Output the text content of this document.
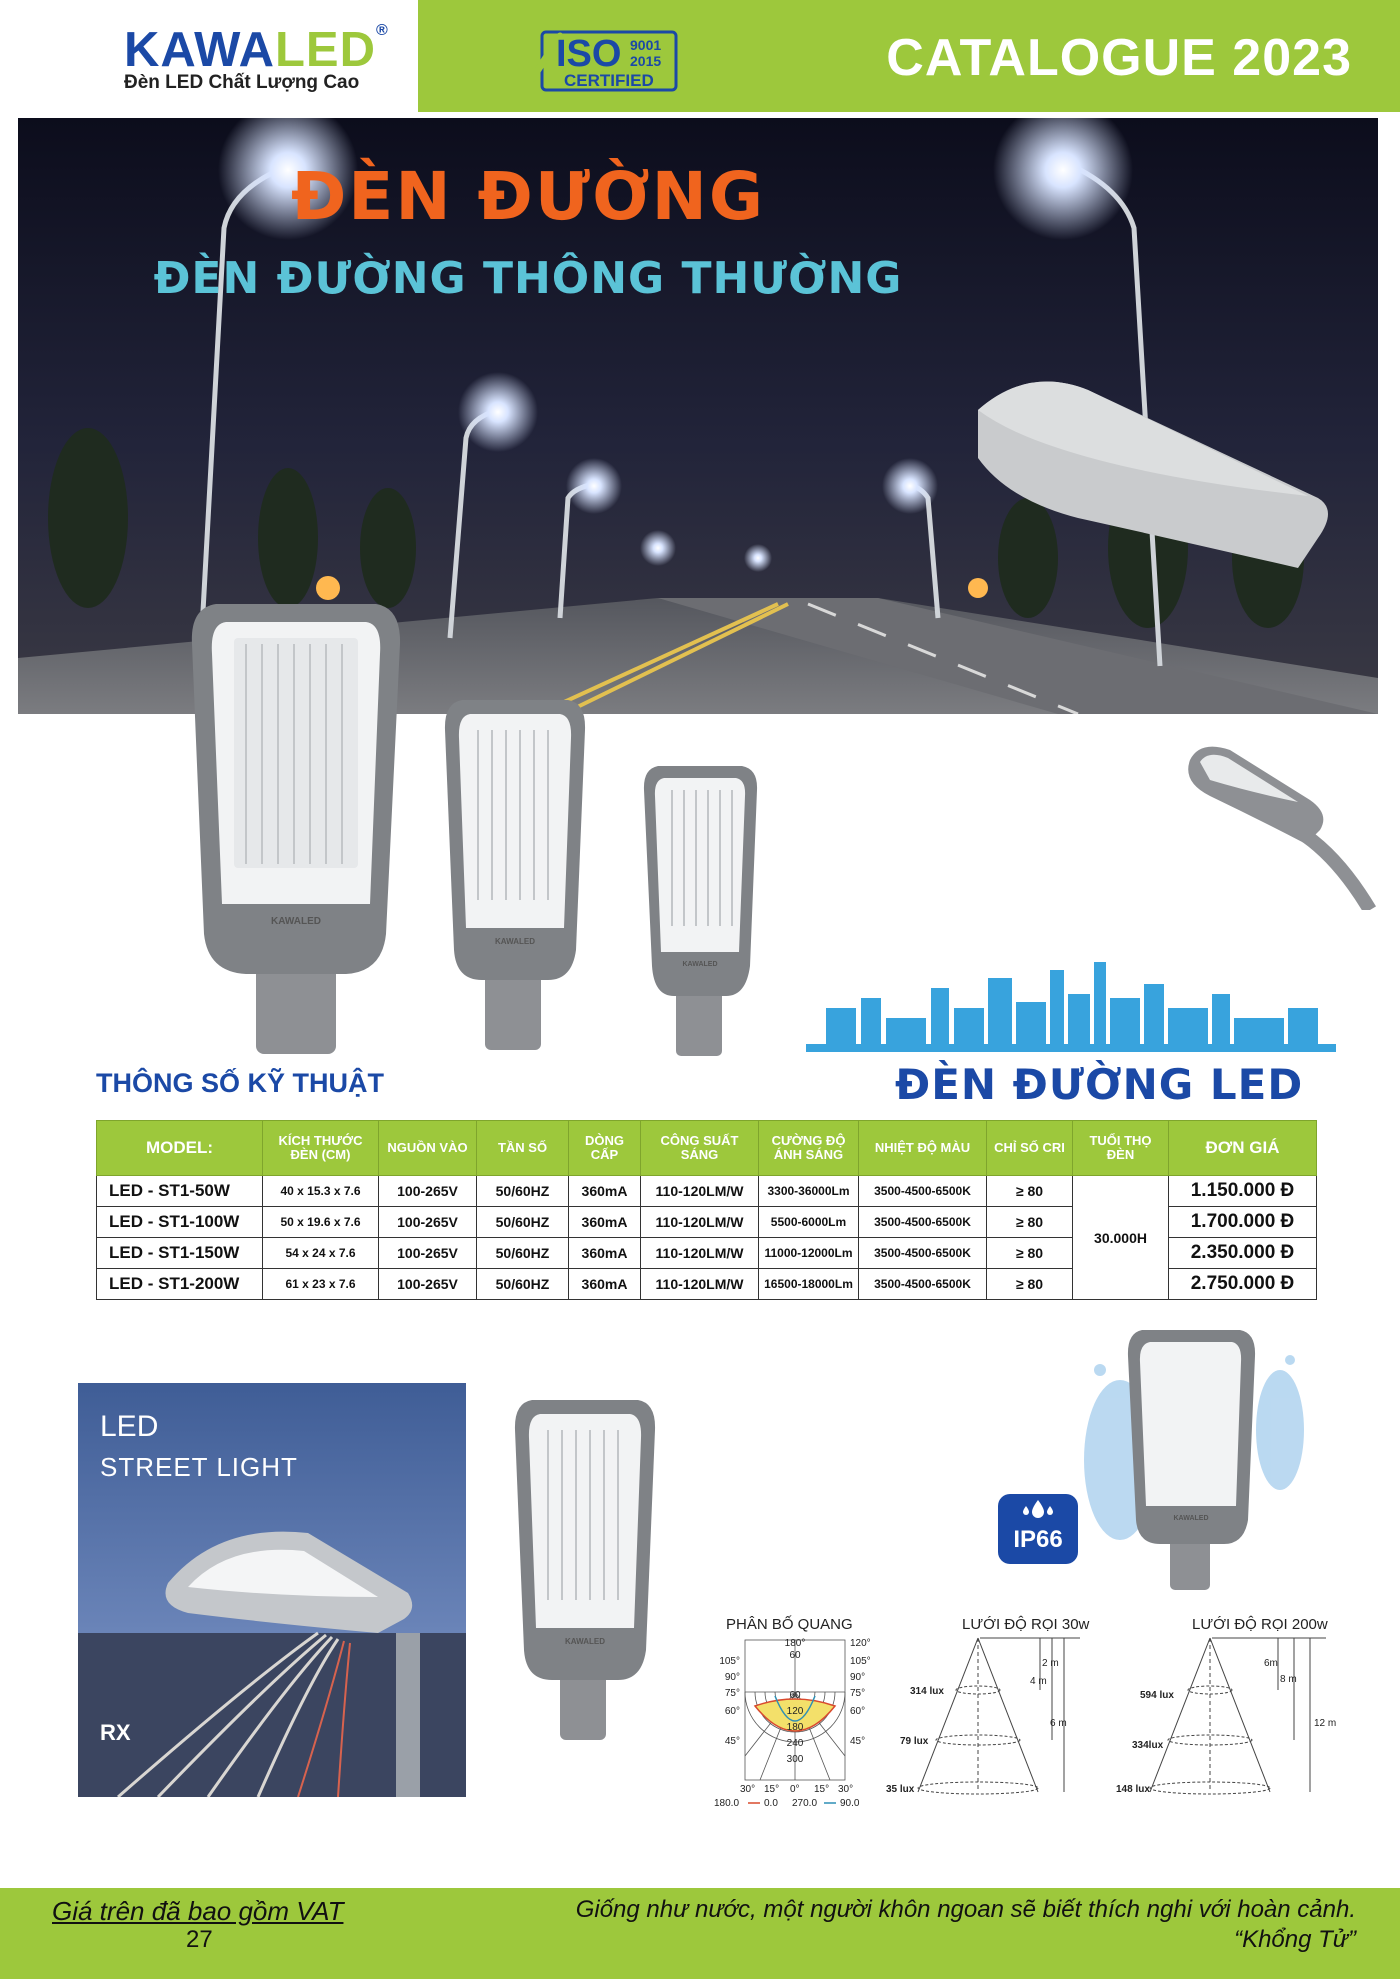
KAWALED®
Đèn LED Chất Lượng Cao
ISO 9001
2015
CERTIFIED	CATALOGUE 2023
ĐÈN ĐƯỜNG
ĐÈN ĐƯỜNG THÔNG THƯỜNG
KAWALED
KAWALED
KAWALED
THÔNG SỐ KỸ THUẬT	ĐÈN ĐƯỜNG LED
MODEL:	KÍCH THƯỚC ĐÈN (CM)	NGUỒN VÀO	TẦN SỐ	DÒNG CẤP	CÔNG SUẤT SÁNG	CƯỜNG ĐỘ ÁNH SÁNG	NHIỆT ĐỘ MÀU	CHỈ SỐ CRI	TUỔI THỌ ĐÈN	ĐƠN GIÁ
LED - ST1-50W	40 x 15.3 x 7.6	100-265V	50/60HZ	360mA	110-120LM/W	3300-36000Lm	3500-4500-6500K	≥ 80	30.000H	1.150.000 Đ
LED - ST1-100W	50 x 19.6 x 7.6	100-265V	50/60HZ	360mA	110-120LM/W	5500-6000Lm	3500-4500-6500K	≥ 80		1.700.000 Đ
LED - ST1-150W	54 x 24 x 7.6	100-265V	50/60HZ	360mA	110-120LM/W	11000-12000Lm	3500-4500-6500K	≥ 80		2.350.000 Đ
LED - ST1-200W	61 x 23 x 7.6	100-265V	50/60HZ	360mA	110-120LM/W	16500-18000Lm	3500-4500-6500K	≥ 80		2.750.000 Đ
LED
STREET LIGHT
RX
KAWALED
KAWALED
IP66
PHÂN BỐ QUANG
180°
60
60
120
180
240
300
120°
105°
90°
75°
60°
45°
105°
90°
75°
60°
45°
30° 15° 0° 15° 30°
180.0 0.0 270.0 90.0
LƯỚI ĐỘ RỌI 30w
314 lux
79 lux
35 lux
2 m
4 m
6 m
LƯỚI ĐỘ RỌI 200w
594 lux
334lux
148 lux
6m
8 m
12 m
Giá trên đã bao gồm VAT
27
Giống như nước, một người khôn ngoan sẽ biết thích nghi với hoàn cảnh.
“Khổng Tử”
